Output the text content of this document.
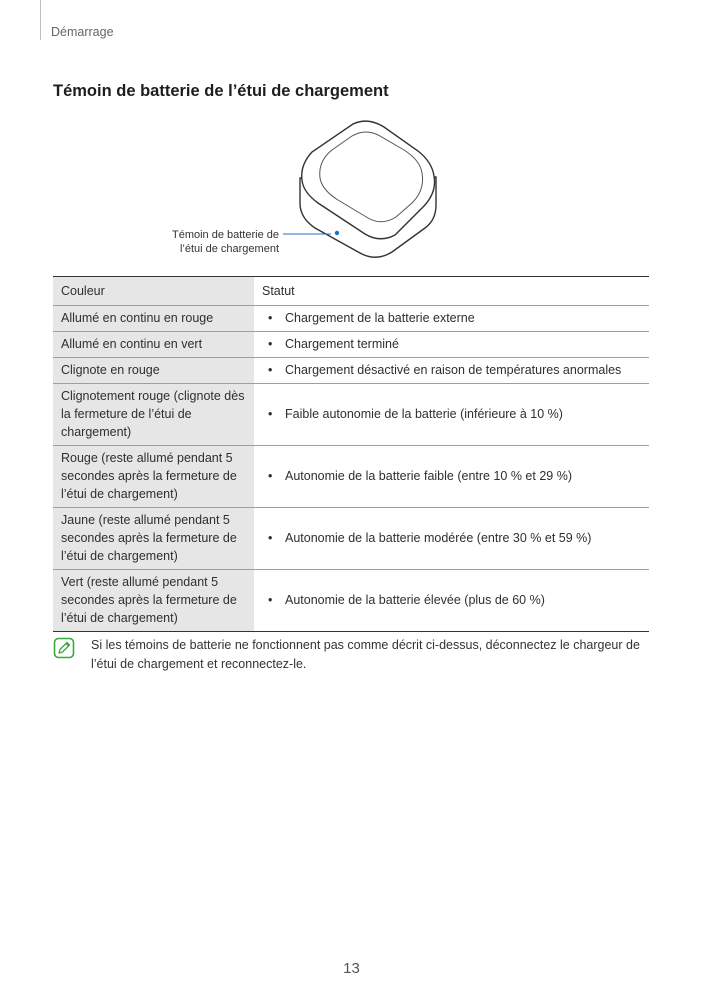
Démarrage
Témoin de batterie de l’étui de chargement
Témoin de batterie de
l’étui de chargement
Couleur	Statut
Allumé en continu en rouge	• Chargement de la batterie externe
Allumé en continu en vert	• Chargement terminé
Clignote en rouge	• Chargement désactivé en raison de températures anormales
Clignotement rouge (clignote dès la fermeture de l’étui de chargement)	• Faible autonomie de la batterie (inférieure à 10 %)
Rouge (reste allumé pendant 5 secondes après la fermeture de l’étui de chargement)	• Autonomie de la batterie faible (entre 10 % et 29 %)
Jaune (reste allumé pendant 5 secondes après la fermeture de l’étui de chargement)	• Autonomie de la batterie modérée (entre 30 % et 59 %)
Vert (reste allumé pendant 5 secondes après la fermeture de l’étui de chargement)	• Autonomie de la batterie élevée (plus de 60 %)
Si les témoins de batterie ne fonctionnent pas comme décrit ci-dessus, déconnectez le chargeur de l’étui de chargement et reconnectez-le.
13
